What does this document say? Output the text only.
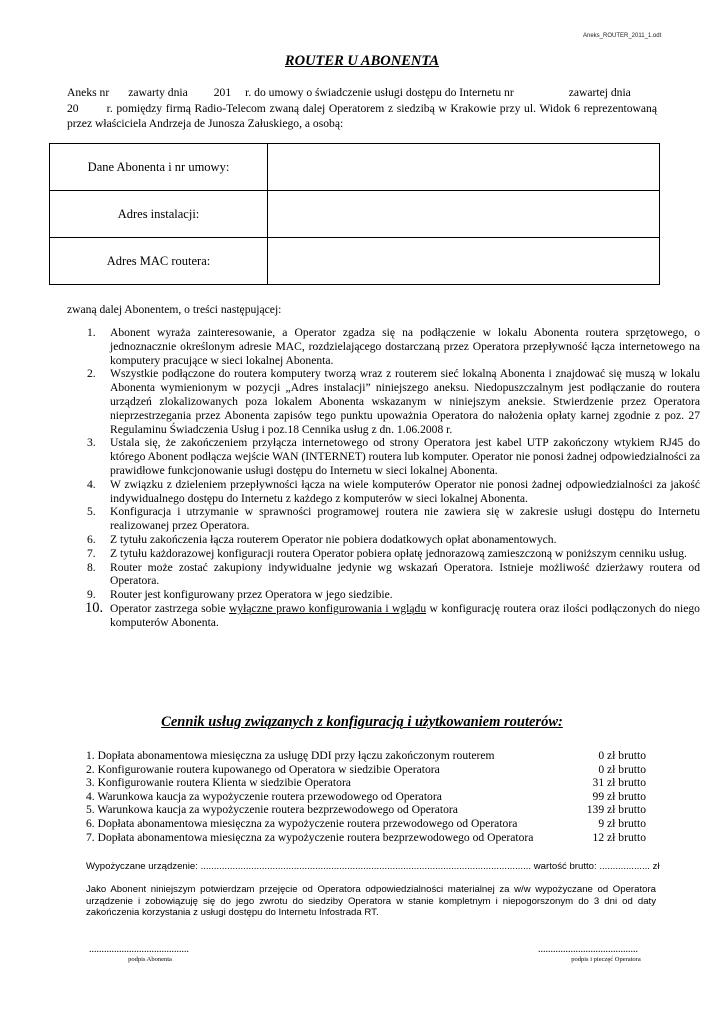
Aneks_ROUTER_2011_1.odt
ROUTER U ABONENTA
Aneks nr zawarty dnia 201 r. do umowy o świadczenie usługi dostępu do Internetu nr	zawartej dnia
20 r. pomiędzy firmą Radio-Telecom zwaną dalej Operatorem z siedzibą w Krakowie przy ul. Widok 6 reprezentowaną przez właściciela Andrzeja de Junosza Załuskiego, a osobą:
Dane Abonenta i nr umowy:	
Adres instalacji:	
Adres MAC routera:	
zwaną dalej Abonentem, o treści następującej:
1. Abonent wyraża zainteresowanie, a Operator zgadza się na podłączenie w lokalu Abonenta routera sprzętowego, o jednoznacznie określonym adresie MAC, rozdzielającego dostarczaną przez Operatora przepływność łącza internetowego na komputery pracujące w sieci lokalnej Abonenta.
2. Wszystkie podłączone do routera komputery tworzą wraz z routerem sieć lokalną Abonenta i znajdować się muszą w lokalu Abonenta wymienionym w pozycji „Adres instalacji” niniejszego aneksu. Niedopuszczalnym jest podłączanie do routera urządzeń zlokalizowanych poza lokalem Abonenta wskazanym w niniejszym aneksie. Stwierdzenie przez Operatora nieprzestrzegania przez Abonenta zapisów tego punktu upoważnia Operatora do nałożenia opłaty karnej zgodnie z poz. 27 Regulaminu Świadczenia Usług i poz.18 Cennika usług z dn. 1.06.2008 r.
3. Ustala się, że zakończeniem przyłącza internetowego od strony Operatora jest kabel UTP zakończony wtykiem RJ45 do którego Abonent podłącza wejście WAN (INTERNET) routera lub komputer. Operator nie ponosi żadnej odpowiedzialności za prawidłowe funkcjonowanie usługi dostępu do Internetu w sieci lokalnej Abonenta.
4. W związku z dzieleniem przepływności łącza na wiele komputerów Operator nie ponosi żadnej odpowiedzialności za jakość indywidualnego dostępu do Internetu z każdego z komputerów w sieci lokalnej Abonenta.
5. Konfiguracja i utrzymanie w sprawności programowej routera nie zawiera się w zakresie usługi dostępu do Internetu realizowanej przez Operatora.
6. Z tytułu zakończenia łącza routerem Operator nie pobiera dodatkowych opłat abonamentowych.
7. Z tytułu każdorazowej konfiguracji routera Operator pobiera opłatę jednorazową zamieszczoną w poniższym cenniku usług.
8. Router może zostać zakupiony indywidualne jedynie wg wskazań Operatora. Istnieje możliwość dzierżawy routera od Operatora.
9. Router jest konfigurowany przez Operatora w jego siedzibie.
10. Operator zastrzega sobie wyłączne prawo konfigurowania i wglądu w konfigurację routera oraz ilości podłączonych do niego komputerów Abonenta.
Cennik usług związanych z konfiguracją i użytkowaniem routerów:
1. Dopłata abonamentowa miesięczna za usługę DDI przy łączu zakończonym routerem	0 zł brutto
2. Konfigurowanie routera kupowanego od Operatora w siedzibie Operatora	0 zł brutto
3. Konfigurowanie routera Klienta w siedzibie Operatora	31 zł brutto
4. Warunkowa kaucja za wypożyczenie routera przewodowego od Operatora	99 zł brutto
5. Warunkowa kaucja za wypożyczenie routera bezprzewodowego od Operatora	139 zł brutto
6. Dopłata abonamentowa miesięczna za wypożyczenie routera przewodowego od Operatora	9 zł brutto
7. Dopłata abonamentowa miesięczna za wypożyczenie routera bezprzewodowego od Operatora	12 zł brutto
Wypożyczane urządzenie: ............................................................................................................................ wartość brutto: ................... zł
Jako Abonent niniejszym potwierdzam przejęcie od Operatora odpowiedzialności materialnej za w/w wypożyczane od Operatora urządzenie i zobowiązuję się do jego zwrotu do siedziby Operatora w stanie kompletnym i niepogorszonym do 3 dni od daty zakończenia korzystania z usługi dostępu do Internetu Infostrada RT.
........................................
podpis Abonenta
........................................
podpis i pieczęć Operatora
